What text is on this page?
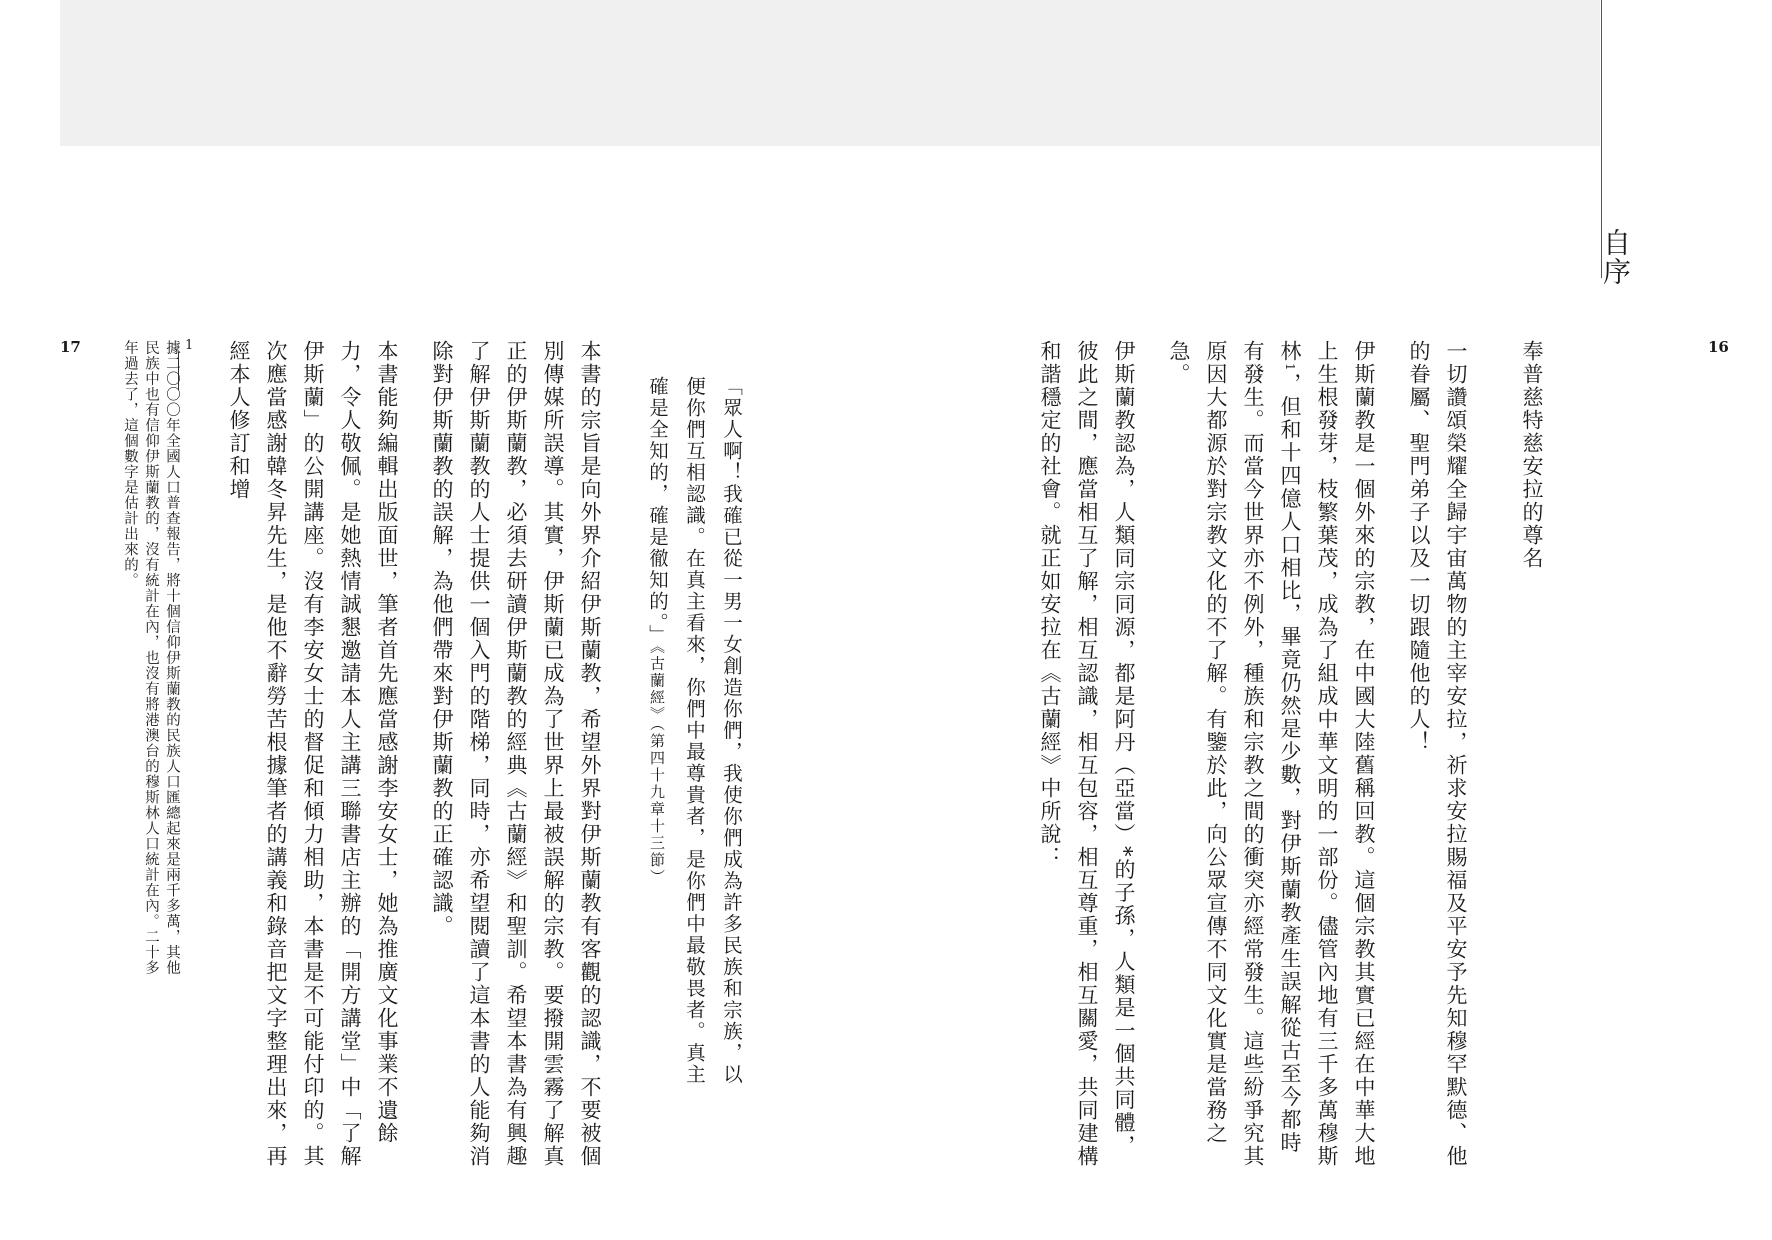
自序
16
17	奉普慈特慈安拉的尊名

一切讚頌榮耀全歸宇宙萬物的主宰安拉，祈求安拉賜福及平安予先知穆罕默德、他的眷屬、聖門弟子以及一切跟隨他的人！

伊斯蘭教是一個外來的宗教，在中國大陸舊稱回教。這個宗教其實已經在中華大地上生根發芽，枝繁葉茂，成為了組成中華文明的一部份。儘管內地有三千多萬穆斯林1，但和十四億人口相比，畢竟仍然是少數，對伊斯蘭教產生誤解從古至今都時有發生。而當今世界亦不例外，種族和宗教之間的衝突亦經常發生。這些紛爭究其原因大都源於對宗教文化的不了解。有鑒於此，向公眾宣傳不同文化實是當務之急。

伊斯蘭教認為，人類同宗同源，都是阿丹（亞當）*的子孫，人類是一個共同體，彼此之間，應當相互了解，相互認識，相互包容，相互尊重，相互關愛，共同建構和諧穩定的社會。就正如安拉在《古蘭經》中所說：

「眾人啊！我確已從一男一女創造你們，我使你們成為許多民族和宗族，以便你們互相認識。在真主看來，你們中最尊貴者，是你們中最敬畏者。真主確是全知的，確是徹知的。」《古蘭經》（第四十九章十三節）

本書的宗旨是向外界介紹伊斯蘭教，希望外界對伊斯蘭教有客觀的認識，不要被個別傳媒所誤導。其實，伊斯蘭已成為了世界上最被誤解的宗教。要撥開雲霧了解真正的伊斯蘭教，必須去研讀伊斯蘭教的經典《古蘭經》和聖訓。希望本書為有興趣了解伊斯蘭教的人士提供一個入門的階梯，同時，亦希望閱讀了這本書的人能夠消除對伊斯蘭教的誤解，為他們帶來對伊斯蘭教的正確認識。

本書能夠編輯出版面世，筆者首先應當感謝李安女士，她為推廣文化事業不遺餘力，令人敬佩。是她熱情誠懇邀請本人主講三聯書店主辦的「開方講堂」中「了解伊斯蘭」的公開講座。沒有李安女士的督促和傾力相助，本書是不可能付印的。其次應當感謝韓冬昇先生，是他不辭勞苦根據筆者的講義和錄音把文字整理出來，再經本人修訂和增

1

據二〇〇〇年全國人口普查報告，將十個信仰伊斯蘭教的民族人口匯總起來是兩千多萬，其他民族中也有信仰伊斯蘭教的，沒有統計在內，也沒有將港澳台的穆斯林人口統計在內。二十多年過去了，這個數字是估計出來的。
